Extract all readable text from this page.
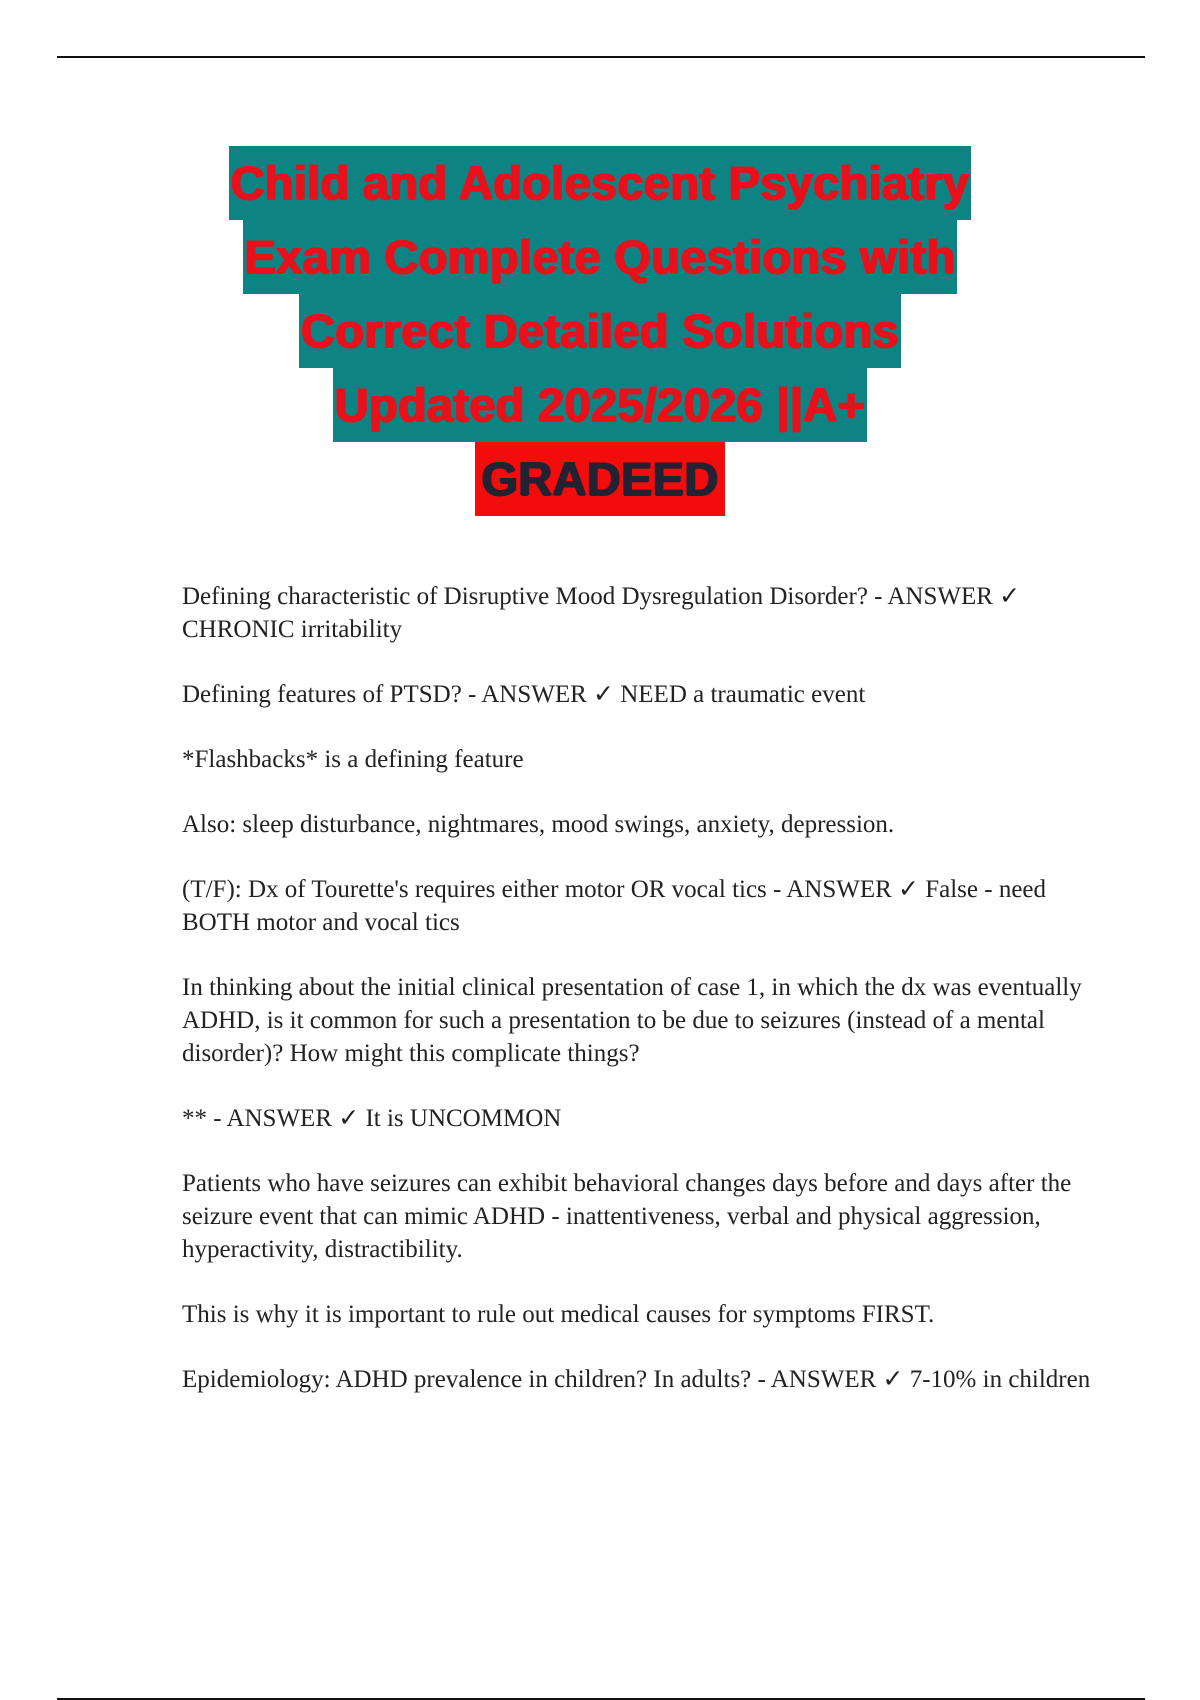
Child and Adolescent Psychiatry
Exam Complete Questions with
Correct Detailed Solutions
Updated 2025/2026 ||A+
GRADEED

Defining characteristic of Disruptive Mood Dysregulation Disorder? - ANSWER ✓ CHRONIC irritability

Defining features of PTSD? - ANSWER ✓ NEED a traumatic event

*Flashbacks* is a defining feature

Also: sleep disturbance, nightmares, mood swings, anxiety, depression.

(T/F): Dx of Tourette's requires either motor OR vocal tics - ANSWER ✓ False - need BOTH motor and vocal tics

In thinking about the initial clinical presentation of case 1, in which the dx was eventually ADHD, is it common for such a presentation to be due to seizures (instead of a mental disorder)? How might this complicate things?

** - ANSWER ✓ It is UNCOMMON

Patients who have seizures can exhibit behavioral changes days before and days after the seizure event that can mimic ADHD - inattentiveness, verbal and physical aggression, hyperactivity, distractibility.

This is why it is important to rule out medical causes for symptoms FIRST.

Epidemiology: ADHD prevalence in children? In adults? - ANSWER ✓ 7-10% in children
